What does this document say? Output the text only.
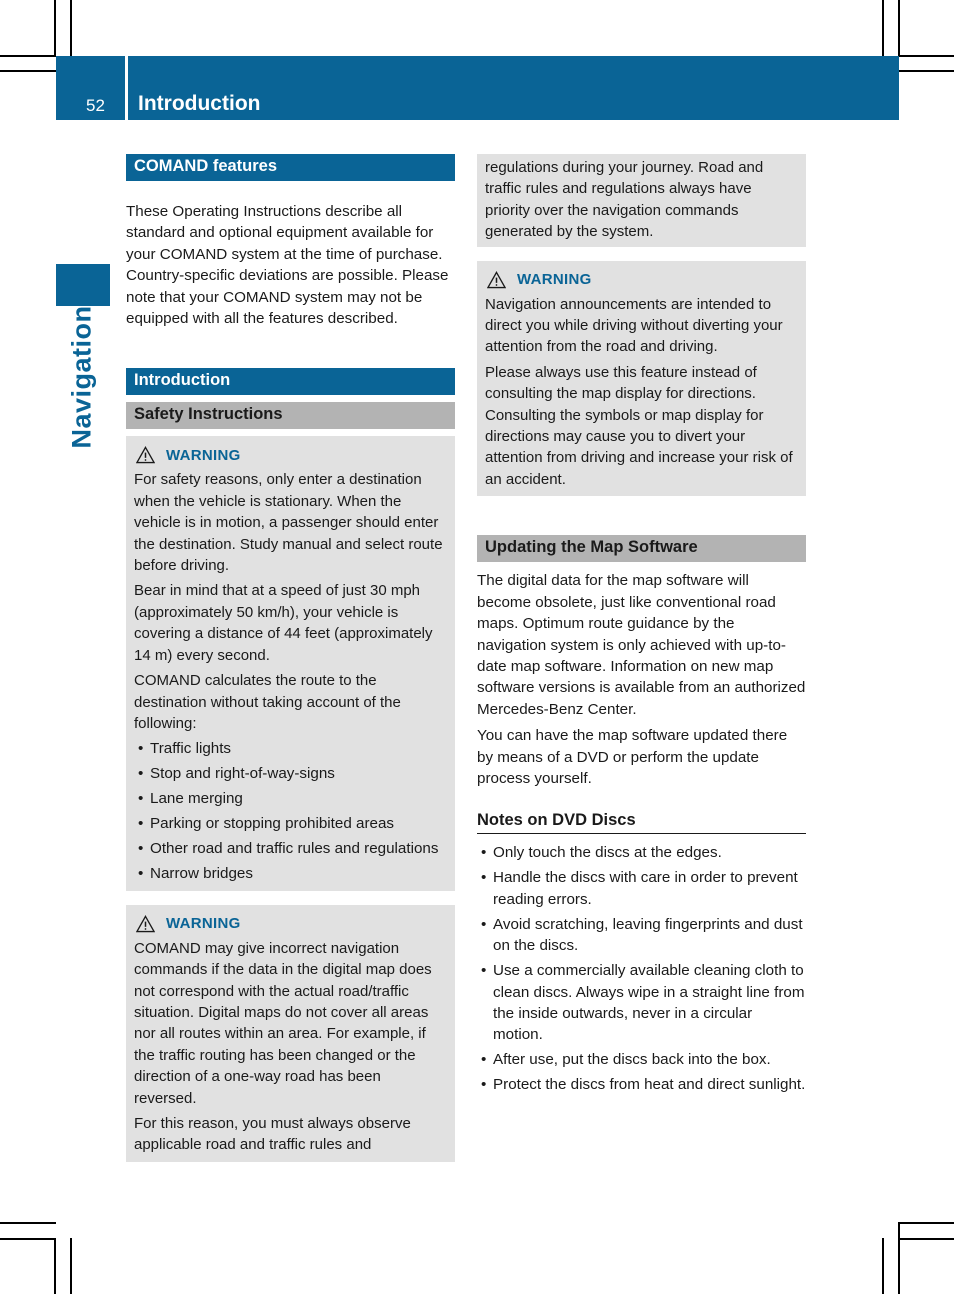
52 Introduction
Navigation
COMAND features

These Operating Instructions describe all standard and optional equipment available for your COMAND system at the time of purchase. Country-specific deviations are possible. Please note that your COMAND system may not be equipped with all the features described.

Introduction
Safety Instructions
WARNING

For safety reasons, only enter a destination when the vehicle is stationary. When the vehicle is in motion, a passenger should enter the destination. Study manual and select route before driving.

Bear in mind that at a speed of just 30 mph (approximately 50 km/h), your vehicle is covering a distance of 44 feet (approximately 14 m) every second.

COMAND calculates the route to the destination without taking account of the following:

• Traffic lights
• Stop and right-of-way-signs
• Lane merging
• Parking or stopping prohibited areas
• Other road and traffic rules and regulations
• Narrow bridges
WARNING

COMAND may give incorrect navigation commands if the data in the digital map does not correspond with the actual road/traffic situation. Digital maps do not cover all areas nor all routes within an area. For example, if the traffic routing has been changed or the direction of a one-way road has been reversed.

For this reason, you must always observe applicable road and traffic rules and

regulations during your journey. Road and traffic rules and regulations always have priority over the navigation commands generated by the system.

WARNING

Navigation announcements are intended to direct you while driving without diverting your attention from the road and driving.

Please always use this feature instead of consulting the map display for directions. Consulting the symbols or map display for directions may cause you to divert your attention from driving and increase your risk of an accident.

Updating the Map Software

The digital data for the map software will become obsolete, just like conventional road maps. Optimum route guidance by the navigation system is only achieved with up-to-date map software. Information on new map software versions is available from an authorized Mercedes-Benz Center.

You can have the map software updated there by means of a DVD or perform the update process yourself.

Notes on DVD Discs
• Only touch the discs at the edges.
• Handle the discs with care in order to prevent reading errors.
• Avoid scratching, leaving fingerprints and dust on the discs.
• Use a commercially available cleaning cloth to clean discs. Always wipe in a straight line from the inside outwards, never in a circular motion.
• After use, put the discs back into the box.
• Protect the discs from heat and direct sunlight.
